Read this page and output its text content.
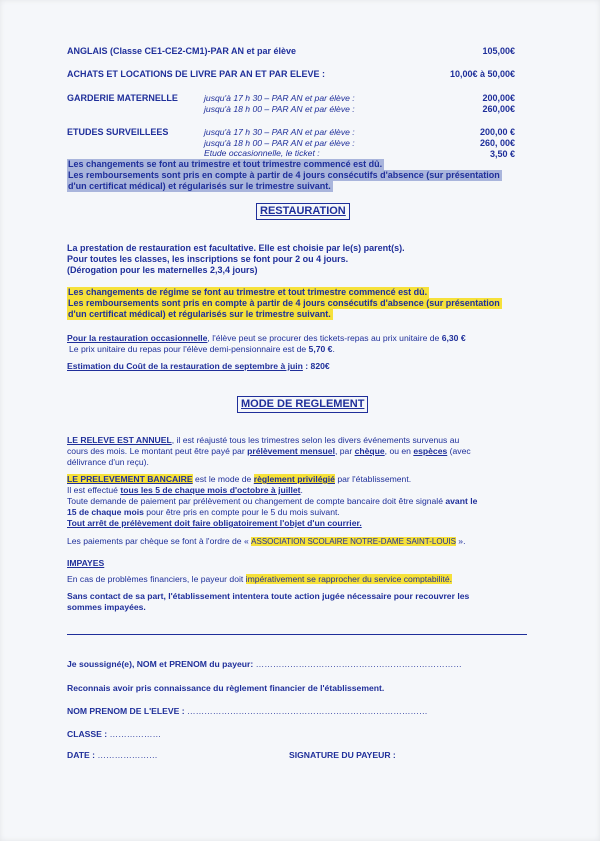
ANGLAIS (Classe CE1-CE2-CM1)-PAR AN et par élève	105,00€
ACHATS ET LOCATIONS DE LIVRE PAR AN ET PAR ELEVE :	10,00€ à 50,00€
GARDERIE MATERNELLE	jusqu'à 17 h 30 – PAR AN et par élève :	200,00€
jusqu'à 18 h 00 – PAR AN et par élève :	260,00€
ETUDES SURVEILLEES	jusqu'à 17 h 30 – PAR AN et par élève :	200,00 €
jusqu'à 18 h 00 – PAR AN et par élève :	260, 00€
Etude occasionnelle, le ticket :	3,50 €
Les changements se font au trimestre et tout trimestre commencé est dû.
Les remboursements sont pris en compte à partir de 4 jours consécutifs d'absence (sur présentation
d'un certificat médical) et régularisés sur le trimestre suivant.
RESTAURATION
La prestation de restauration est facultative. Elle est choisie par le(s) parent(s).
Pour toutes les classes, les inscriptions se font pour 2 ou 4 jours.
(Dérogation pour les maternelles 2,3,4 jours)
Les changements de régime se font au trimestre et tout trimestre commencé est dû.
Les remboursements sont pris en compte à partir de 4 jours consécutifs d'absence (sur présentation
d'un certificat médical) et régularisés sur le trimestre suivant.
Pour la restauration occasionnelle, l'élève peut se procurer des tickets-repas au prix unitaire de 6,30 €
Le prix unitaire du repas pour l'élève demi-pensionnaire est de 5,70 €.
Estimation du Coût de la restauration de septembre à juin : 820€
MODE DE REGLEMENT
LE RELEVE EST ANNUEL, il est réajusté tous les trimestres selon les divers événements survenus au
cours des mois. Le montant peut être payé par prélèvement mensuel, par chèque, ou en espèces (avec
délivrance d'un reçu).
LE PRELEVEMENT BANCAIRE est le mode de règlement privilégié par l'établissement.
Il est effectué tous les 5 de chaque mois d'octobre à juillet.
Toute demande de paiement par prélèvement ou changement de compte bancaire doit être signalé avant le
15 de chaque mois pour être pris en compte pour le 5 du mois suivant.
Tout arrêt de prélèvement doit faire obligatoirement l'objet d'un courrier.
Les paiements par chèque se font à l'ordre de « ASSOCIATION SCOLAIRE NOTRE-DAME SAINT-LOUIS ».
IMPAYES
En cas de problèmes financiers, le payeur doit impérativement se rapprocher du service comptabilité.
Sans contact de sa part, l'établissement intentera toute action jugée nécessaire pour recouvrer les
sommes impayées.
Je soussigné(e), NOM et PRENOM du payeur: ………………………………………………………………
Reconnais avoir pris connaissance du règlement financier de l'établissement.
NOM PRENOM DE L'ELEVE : …………………………………………………………………………
CLASSE : ………………
DATE : …………………	SIGNATURE DU PAYEUR :
